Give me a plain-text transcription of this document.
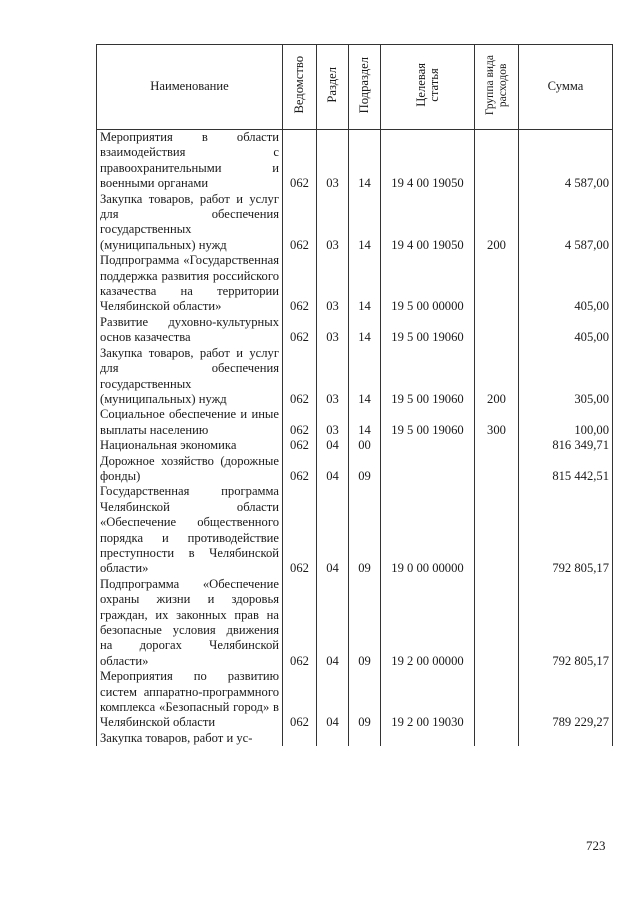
Наименование	Ведомство	Раздел	Подраздел	Целевая
статья	Группа вида
расходов	Сумма
Мероприятия в области взаимодействия с правоохранительными и военными органами	062	03	14	19 4 00 19050		4 587,00
Закупка товаров, работ и услуг для обеспечения государственных (муниципальных) нужд	062	03	14	19 4 00 19050	200	4 587,00
Подпрограмма «Государственная поддержка развития российского казачества на территории Челябинской области»	062	03	14	19 5 00 00000		405,00
Развитие духовно-культурных основ казачества	062	03	14	19 5 00 19060		405,00
Закупка товаров, работ и услуг для обеспечения государственных (муниципальных) нужд	062	03	14	19 5 00 19060	200	305,00
Социальное обеспечение и иные выплаты населению	062	03	14	19 5 00 19060	300	100,00
Национальная экономика	062	04	00			816 349,71
Дорожное хозяйство (дорожные фонды)	062	04	09			815 442,51
Государственная программа Челябинской области «Обеспечение общественного порядка и противодействие преступности в Челябинской области»	062	04	09	19 0 00 00000		792 805,17
Подпрограмма «Обеспечение охраны жизни и здоровья граждан, их законных прав на безопасные условия движения на дорогах Челябинской области»	062	04	09	19 2 00 00000		792 805,17
Мероприятия по развитию систем аппаратно-программного комплекса «Безопасный город» в Челябинской области	062	04	09	19 2 00 19030		789 229,27
Закупка товаров, работ и ус-						
723
